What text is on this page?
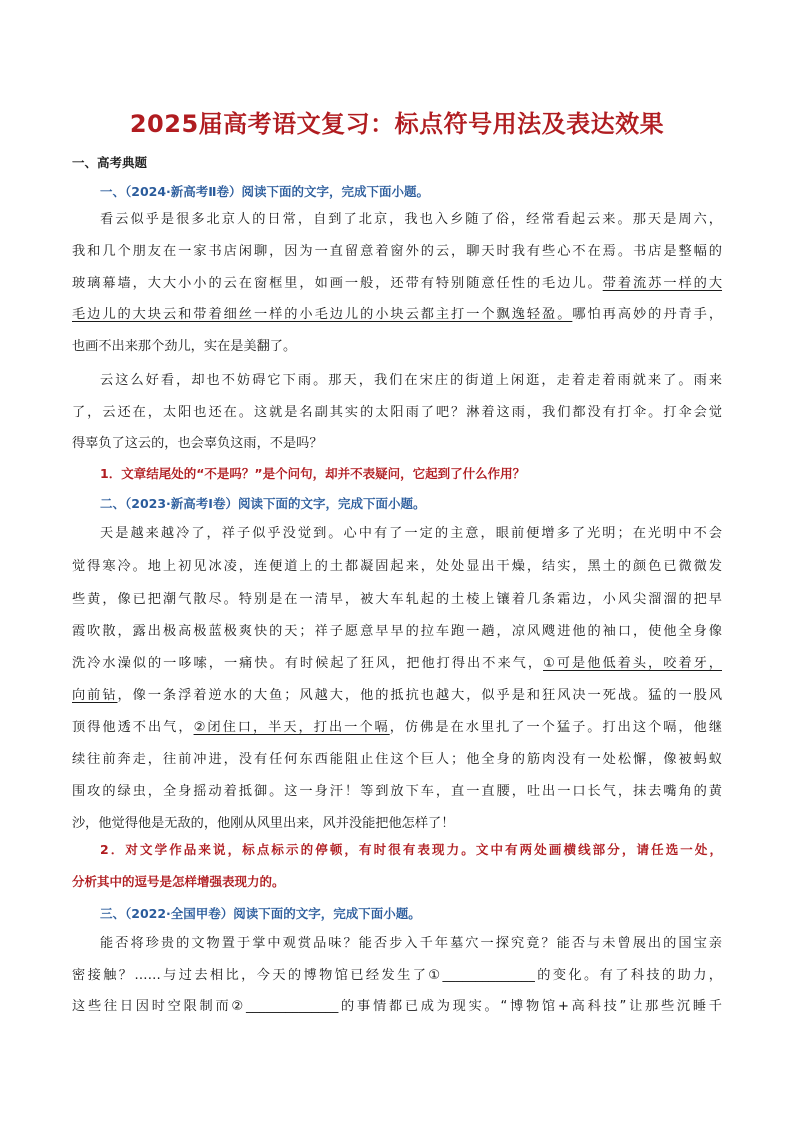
2025届高考语文复习：标点符号用法及表达效果
一、高考典题
一、（2024·新高考Ⅱ卷）阅读下面的文字，完成下面小题。
看云似乎是很多北京人的日常，自到了北京，我也入乡随了俗，经常看起云来。那天是周六，
我和几个朋友在一家书店闲聊，因为一直留意着窗外的云，聊天时我有些心不在焉。书店是整幅的
玻璃幕墙，大大小小的云在窗框里，如画一般，还带有特别随意任性的毛边儿。带着流苏一样的大
毛边儿的大块云和带着细丝一样的小毛边儿的小块云都主打一个飘逸轻盈。哪怕再高妙的丹青手，
也画不出来那个劲儿，实在是美翻了。
云这么好看，却也不妨碍它下雨。那天，我们在宋庄的街道上闲逛，走着走着雨就来了。雨来
了，云还在，太阳也还在。这就是名副其实的太阳雨了吧？淋着这雨，我们都没有打伞。打伞会觉
得辜负了这云的，也会辜负这雨，不是吗？
1．文章结尾处的“不是吗？”是个问句，却并不表疑问，它起到了什么作用？
二、（2023·新高考Ⅰ卷）阅读下面的文字，完成下面小题。
天是越来越冷了，祥子似乎没觉到。心中有了一定的主意，眼前便增多了光明；在光明中不会
觉得寒冷。地上初见冰凌，连便道上的土都凝固起来，处处显出干燥，结实，黑土的颜色已微微发
些黄，像已把潮气散尽。特别是在一清早，被大车轧起的土棱上镶着几条霜边，小风尖溜溜的把早
霞吹散，露出极高极蓝极爽快的天；祥子愿意早早的拉车跑一趟，凉风飕进他的袖口，使他全身像
洗冷水澡似的一哆嗦，一痛快。有时候起了狂风，把他打得出不来气，①可是他低着头，咬着牙，
向前钻，像一条浮着逆水的大鱼；风越大，他的抵抗也越大，似乎是和狂风决一死战。猛的一股风
顶得他透不出气，②闭住口，半天，打出一个嗝，仿佛是在水里扎了一个猛子。打出这个嗝，他继
续往前奔走，往前冲进，没有任何东西能阻止住这个巨人；他全身的筋肉没有一处松懈，像被蚂蚁
围攻的绿虫，全身摇动着抵御。这一身汗！等到放下车，直一直腰，吐出一口长气，抹去嘴角的黄
沙，他觉得他是无敌的，他刚从风里出来，风并没能把他怎样了！
2．对文学作品来说，标点标示的停顿，有时很有表现力。文中有两处画横线部分，请任选一处，
分析其中的逗号是怎样增强表现力的。
三、（2022·全国甲卷）阅读下面的文字，完成下面小题。
能否将珍贵的文物置于掌中观赏品味？能否步入千年墓穴一探究竟？能否与未曾展出的国宝亲
密接触？……与过去相比，今天的博物馆已经发生了①______________的变化。有了科技的助力，
这些往日因时空限制而②______________的事情都已成为现实。“博物馆+高科技”让那些沉睡千
